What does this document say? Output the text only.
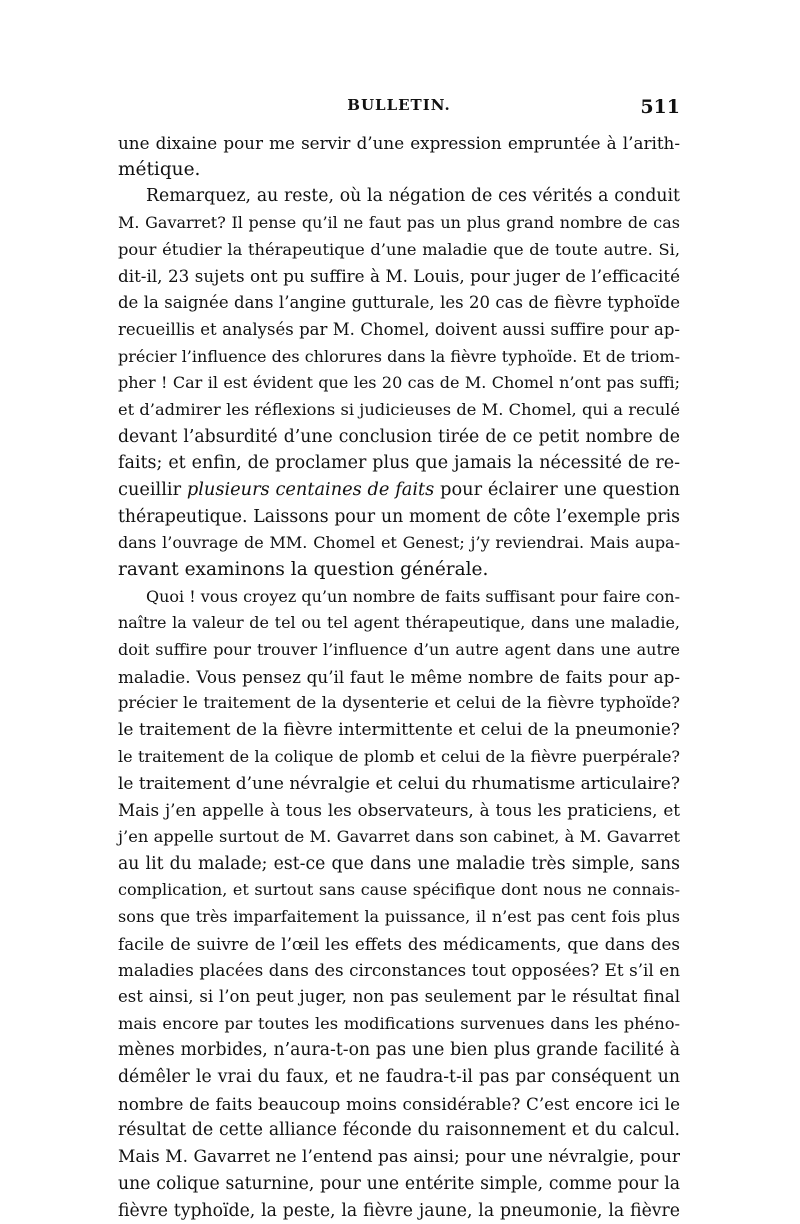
BULLETIN.	511
une dixaine pour me servir d’une expression empruntée à l’arith-
métique.
Remarquez, au reste, où la négation de ces vérités a conduit
M. Gavarret? Il pense qu’il ne faut pas un plus grand nombre de cas
pour étudier la thérapeutique d’une maladie que de toute autre. Si,
dit-il, 23 sujets ont pu suffire à M. Louis, pour juger de l’efficacité
de la saignée dans l’angine gutturale, les 20 cas de fièvre typhoïde
recueillis et analysés par M. Chomel, doivent aussi suffire pour ap-
précier l’influence des chlorures dans la fièvre typhoïde. Et de triom-
pher ! Car il est évident que les 20 cas de M. Chomel n’ont pas suffi;
et d’admirer les réflexions si judicieuses de M. Chomel, qui a reculé
devant l’absurdité d’une conclusion tirée de ce petit nombre de
faits; et enfin, de proclamer plus que jamais la nécessité de re-
cueillir plusieurs centaines de faits pour éclairer une question
thérapeutique. Laissons pour un moment de côte l’exemple pris
dans l’ouvrage de MM. Chomel et Genest; j’y reviendrai. Mais aupa-
ravant examinons la question générale.
Quoi ! vous croyez qu’un nombre de faits suffisant pour faire con-
naître la valeur de tel ou tel agent thérapeutique, dans une maladie,
doit suffire pour trouver l’influence d’un autre agent dans une autre
maladie. Vous pensez qu’il faut le même nombre de faits pour ap-
précier le traitement de la dysenterie et celui de la fièvre typhoïde?
le traitement de la fièvre intermittente et celui de la pneumonie?
le traitement de la colique de plomb et celui de la fièvre puerpérale?
le traitement d’une névralgie et celui du rhumatisme articulaire?
Mais j’en appelle à tous les observateurs, à tous les praticiens, et
j’en appelle surtout de M. Gavarret dans son cabinet, à M. Gavarret
au lit du malade; est-ce que dans une maladie très simple, sans
complication, et surtout sans cause spécifique dont nous ne connais-
sons que très imparfaitement la puissance, il n’est pas cent fois plus
facile de suivre de l’œil les effets des médicaments, que dans des
maladies placées dans des circonstances tout opposées? Et s’il en
est ainsi, si l’on peut juger, non pas seulement par le résultat final
mais encore par toutes les modifications survenues dans les phéno-
mènes morbides, n’aura-t-on pas une bien plus grande facilité à
démêler le vrai du faux, et ne faudra-t-il pas par conséquent un
nombre de faits beaucoup moins considérable? C’est encore ici le
résultat de cette alliance féconde du raisonnement et du calcul.
Mais M. Gavarret ne l’entend pas ainsi; pour une névralgie, pour
une colique saturnine, pour une entérite simple, comme pour la
fièvre typhoïde, la peste, la fièvre jaune, la pneumonie, la fièvre
